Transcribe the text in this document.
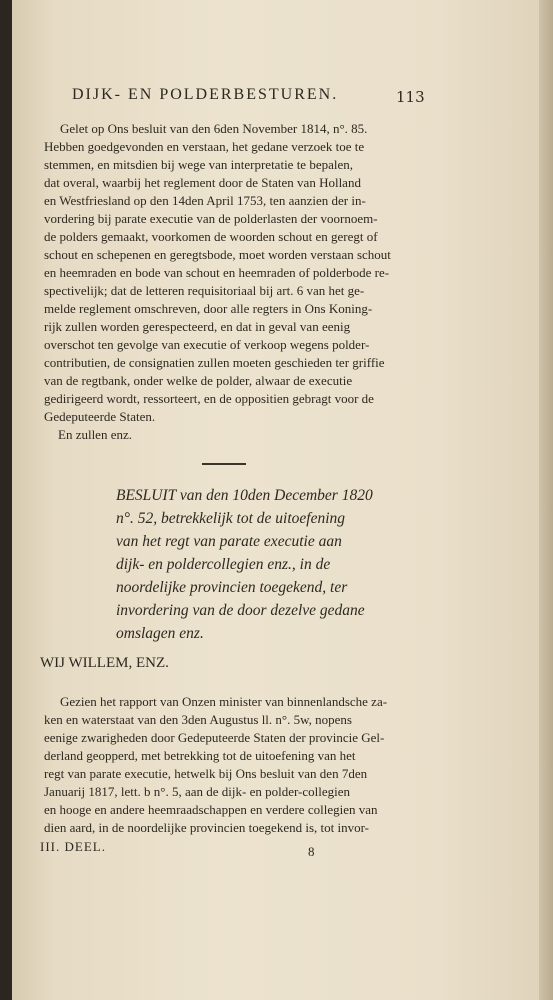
DIJK- EN POLDERBESTUREN.	113
Gelet op Ons besluit van den 6den November 1814, n°. 85.
Hebben goedgevonden en verstaan, het gedane verzoek toe te
stemmen, en mitsdien bij wege van interpretatie te bepalen,
dat overal, waarbij het reglement door de Staten van Holland
en Westfriesland op den 14den April 1753, ten aanzien der in-
vordering bij parate executie van de polderlasten der voornoem-
de polders gemaakt, voorkomen de woorden schout en geregt of
schout en schepenen en geregtsbode, moet worden verstaan schout
en heemraden en bode van schout en heemraden of polderbode re-
spectivelijk; dat de letteren requisitoriaal bij art. 6 van het ge-
melde reglement omschreven, door alle regters in Ons Koning-
rijk zullen worden gerespecteerd, en dat in geval van eenig
overschot ten gevolge van executie of verkoop wegens polder-
contributien, de consignatien zullen moeten geschieden ter griffie
van de regtbank, onder welke de polder, alwaar de executie
gedirigeerd wordt, ressorteert, en de oppositien gebragt voor de
Gedeputeerde Staten.
En zullen enz.
BESLUIT van den 10den December 1820
n°. 52, betrekkelijk tot de uitoefening
van het regt van parate executie aan
dijk- en poldercollegien enz., in de
noordelijke provincien toegekend, ter
invordering van de door dezelve gedane
omslagen enz.
WIJ WILLEM, ENZ.
Gezien het rapport van Onzen minister van binnenlandsche za-
ken en waterstaat van den 3den Augustus ll. n°. 5w, nopens
eenige zwarigheden door Gedeputeerde Staten der provincie Gel-
derland geopperd, met betrekking tot de uitoefening van het
regt van parate executie, hetwelk bij Ons besluit van den 7den
Januarij 1817, lett. b n°. 5, aan de dijk- en polder-collegien
en hooge en andere heemraadschappen en verdere collegien van
dien aard, in de noordelijke provincien toegekend is, tot invor-
III. DEEL.	8
